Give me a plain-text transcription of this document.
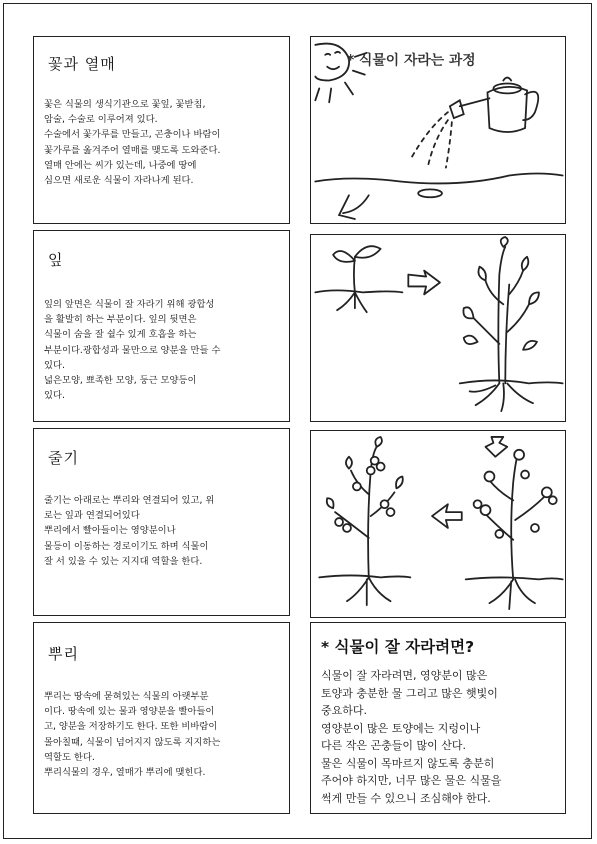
꽃과 열매
꽃은 식물의 생식기관으로 꽃잎, 꽃받침,
암술, 수술로 이루어져 있다.
수술에서 꽃가루를 만들고, 곤충이나 바람이
꽃가루를 옮겨주어 열매를 맺도록 도와준다.
열매 안에는 씨가 있는데, 나중에 땅에
심으면 새로운 식물이 자라나게 된다.
잎
잎의 앞면은 식물이 잘 자라기 위해 광합성
을 활발히 하는 부분이다. 잎의 뒷면은
식물이 숨을 잘 쉴수 있게 호흡을 하는
부분이다.광합성과 물만으로 양분을 만들 수
있다.
넓은모양, 뾰족한 모양, 둥근 모양등이
있다.
줄기
줄기는 아래로는 뿌리와 연결되어 있고, 위
로는 잎과 연결되어있다
뿌리에서 빨아들이는 영양분이나
물등이 이동하는 경로이기도 하며 식물이
잘 서 있을 수 있는 지지대 역할을 한다.
뿌리
뿌리는 땅속에 묻혀있는 식물의 아랫부분
이다. 땅속에 있는 물과 영양분을 빨아들이
고, 양분을 저장하기도 한다. 또한 비바람이
몰아칠때, 식물이 넘어지지 않도록 지지하는
역할도 한다.
뿌리식물의 경우, 열매가 뿌리에 맺힌다.
* 식물이 자라는 과정
* 식물이 잘 자라려면?
식물이 잘 자라려면, 영양분이 많은
토양과 충분한 물 그리고 많은 햇빛이
중요하다.
영양분이 많은 토양에는 지렁이나
다른 작은 곤충들이 많이 산다.
물은 식물이 목마르지 않도록 충분히
주어야 하지만, 너무 많은 물은 식물을
썩게 만들 수 있으니 조심해야 한다.
